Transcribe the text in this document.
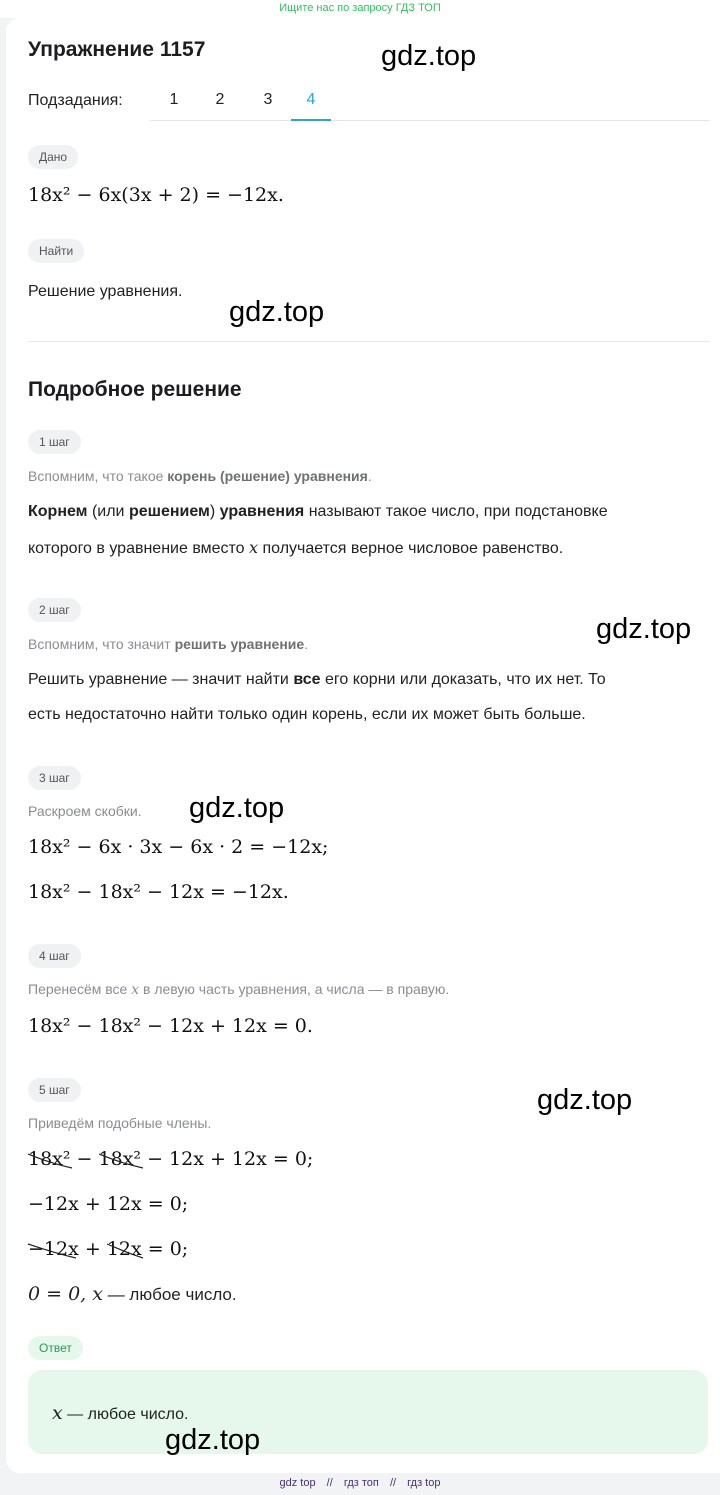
Ищите нас по запросу ГДЗ ТОП
Упражнение 1157
Подзадания:	1	2	3	4
Дано
18x² − 6x(3x + 2) = −12x.
Найти
Решение уравнения.
Подробное решение
1 шаг
Вспомним, что такое корень (решение) уравнения.
Корнем (или решением) уравнения называют такое число, при подстановке
которого в уравнение вместо x получается верное числовое равенство.
2 шаг
Вспомним, что значит решить уравнение.
Решить уравнение — значит найти все его корни или доказать, что их нет. То
есть недостаточно найти только один корень, если их может быть больше.
3 шаг
Раскроем скобки.
18x² − 6x · 3x − 6x · 2 = −12x;
18x² − 18x² − 12x = −12x.
4 шаг
Перенесём все x в левую часть уравнения, а числа — в правую.
18x² − 18x² − 12x + 12x = 0.
5 шаг
Приведём подобные члены.
18x²
− 18x²
− 12x + 12x = 0;
−12x + 12x = 0;
−12x
+ 12x
= 0;
0 = 0, x — любое число.
Ответ
x — любое число.
gdz.top
gdz.top
gdz.top
gdz.top
gdz.top
gdz.top
gdz top // гдз топ // гдз top
